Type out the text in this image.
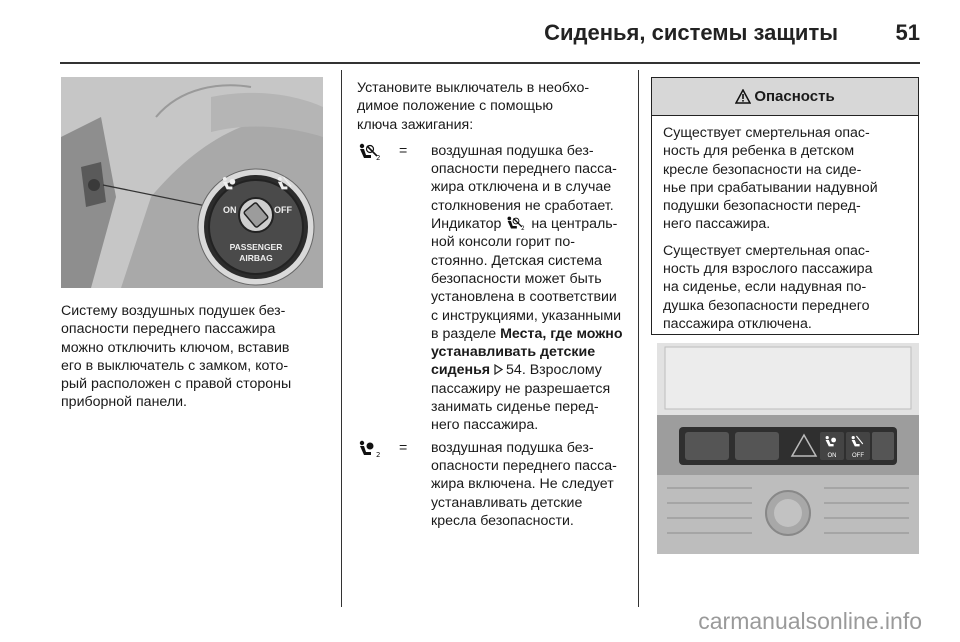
Сиденья, системы защиты	51
ON	OFF
PASSENGER
AIRBAG

Систему воздушных подушек без-

опасности переднего пассажира

можно отключить ключом, вставив

его в выключатель с замком, кото-

рый расположен с правой стороны

приборной панели.

Установите выключатель в необхо-

димое положение с помощью

ключа зажигания:

= воздушная подушка без-

опасности переднего пасса-

жира отключена и в случае

столкновения не сработает.

Индикатор  на централь-

ной консоли горит по-

стоянно. Детская система

безопасности может быть

установлена в соответствии

с инструкциями, указанными

в разделе Места, где можно

устанавливать детские

сиденья 54. Взрослому

пассажиру не разрешается

занимать сиденье перед-

него пассажира.

= воздушная подушка без-

опасности переднего пасса-

жира включена. Не следует

устанавливать детские

кресла безопасности.

Опасность

Существует смертельная опас-
ность для ребенка в детском
кресле безопасности на сиде-
нье при срабатывании надувной
подушки безопасности перед-
него пассажира.

Существует смертельная опас-
ность для взрослого пассажира
на сиденье, если надувная по-
душка безопасности переднего
пассажира отключена.

ON	OFF
carmanualsonline.info
